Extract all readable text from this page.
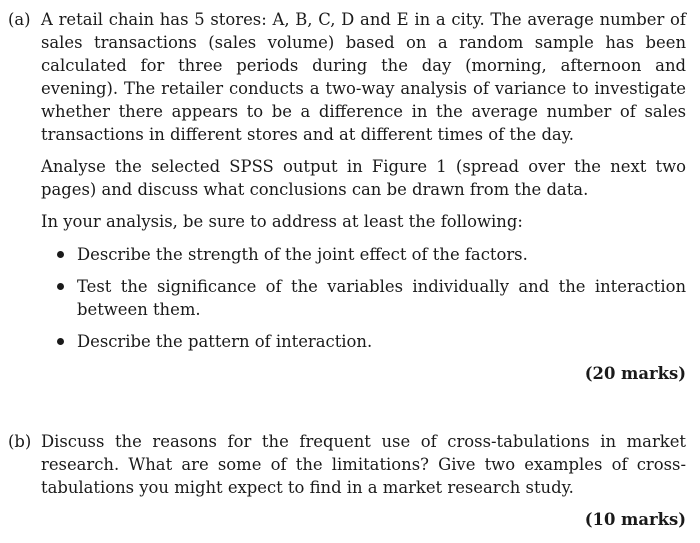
(a) A retail chain has 5 stores: A, B, C, D and E in a city. The average number of sales transactions (sales volume) based on a random sample has been calculated for three periods during the day (morning, afternoon and evening). The retailer conducts a two-way analysis of variance to investigate whether there appears to be a difference in the average number of sales transactions in different stores and at different times of the day.

Analyse the selected SPSS output in Figure 1 (spread over the next two pages) and discuss what conclusions can be drawn from the data.

In your analysis, be sure to address at least the following:

Describe the strength of the joint effect of the factors.
Test the significance of the variables individually and the interaction between them.
Describe the pattern of interaction.
(20 marks)
(b) Discuss the reasons for the frequent use of cross-tabulations in market research. What are some of the limitations? Give two examples of cross-tabulations you might expect to find in a market research study.

(10 marks)
